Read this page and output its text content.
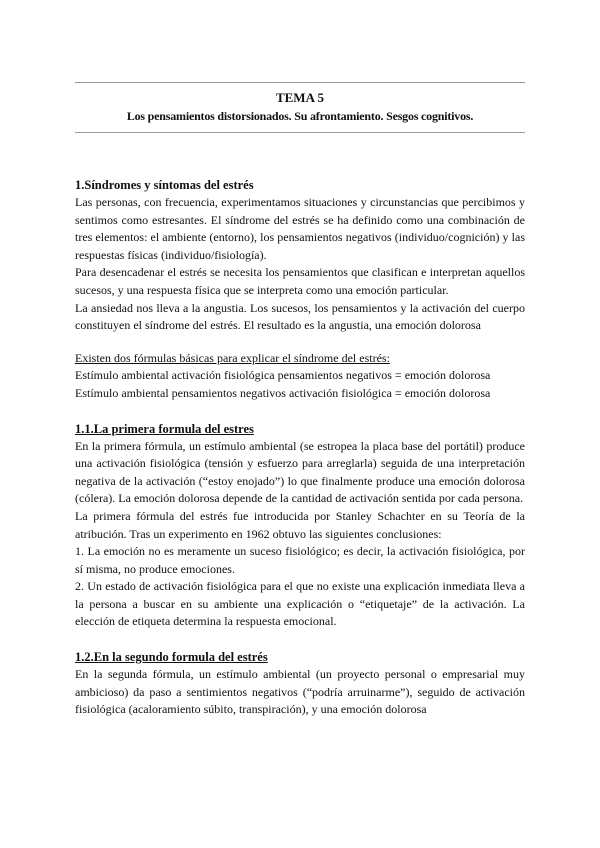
TEMA 5
Los pensamientos distorsionados. Su afrontamiento. Sesgos cognitivos.
1.Síndromes y síntomas del estrés

Las personas, con frecuencia, experimentamos situaciones y circunstancias que percibimos y sentimos como estresantes. El síndrome del estrés se ha definido como una combinación de tres elementos: el ambiente (entorno), los pensamientos negativos (individuo/cognición) y las respuestas físicas (individuo/fisiología).

Para desencadenar el estrés se necesita los pensamientos que clasifican e interpretan aquellos sucesos, y una respuesta física que se interpreta como una emoción particular.

La ansiedad nos lleva a la angustia. Los sucesos, los pensamientos y la activación del cuerpo constituyen el síndrome del estrés. El resultado es la angustia, una emoción dolorosa

Existen dos fórmulas básicas para explicar el síndrome del estrés:

Estímulo ambiental activación fisiológica pensamientos negativos = emoción dolorosa

Estímulo ambiental pensamientos negativos activación fisiológica = emoción dolorosa

1.1.La primera formula del estres

En la primera fórmula, un estímulo ambiental (se estropea la placa base del portátil) produce una activación fisiológica (tensión y esfuerzo para arreglarla) seguida de una interpretación negativa de la activación (“estoy enojado”) lo que finalmente produce una emoción dolorosa (cólera). La emoción dolorosa depende de la cantidad de activación sentida por cada persona.

La primera fórmula del estrés fue introducida por Stanley Schachter en su Teoría de la atribución. Tras un experimento en 1962 obtuvo las siguientes conclusiones:

1. La emoción no es meramente un suceso fisiológico; es decir, la activación fisiológica, por sí misma, no produce emociones.

2. Un estado de activación fisiológica para el que no existe una explicación inmediata lleva a la persona a buscar en su ambiente una explicación o “etiquetaje” de la activación. La elección de etiqueta determina la respuesta emocional.

1.2.En la segundo formula del estrés

En la segunda fórmula, un estímulo ambiental (un proyecto personal o empresarial muy ambicioso) da paso a sentimientos negativos (“podría arruinarme”), seguido de activación fisiológica (acaloramiento súbito, transpiración), y una emoción dolorosa
